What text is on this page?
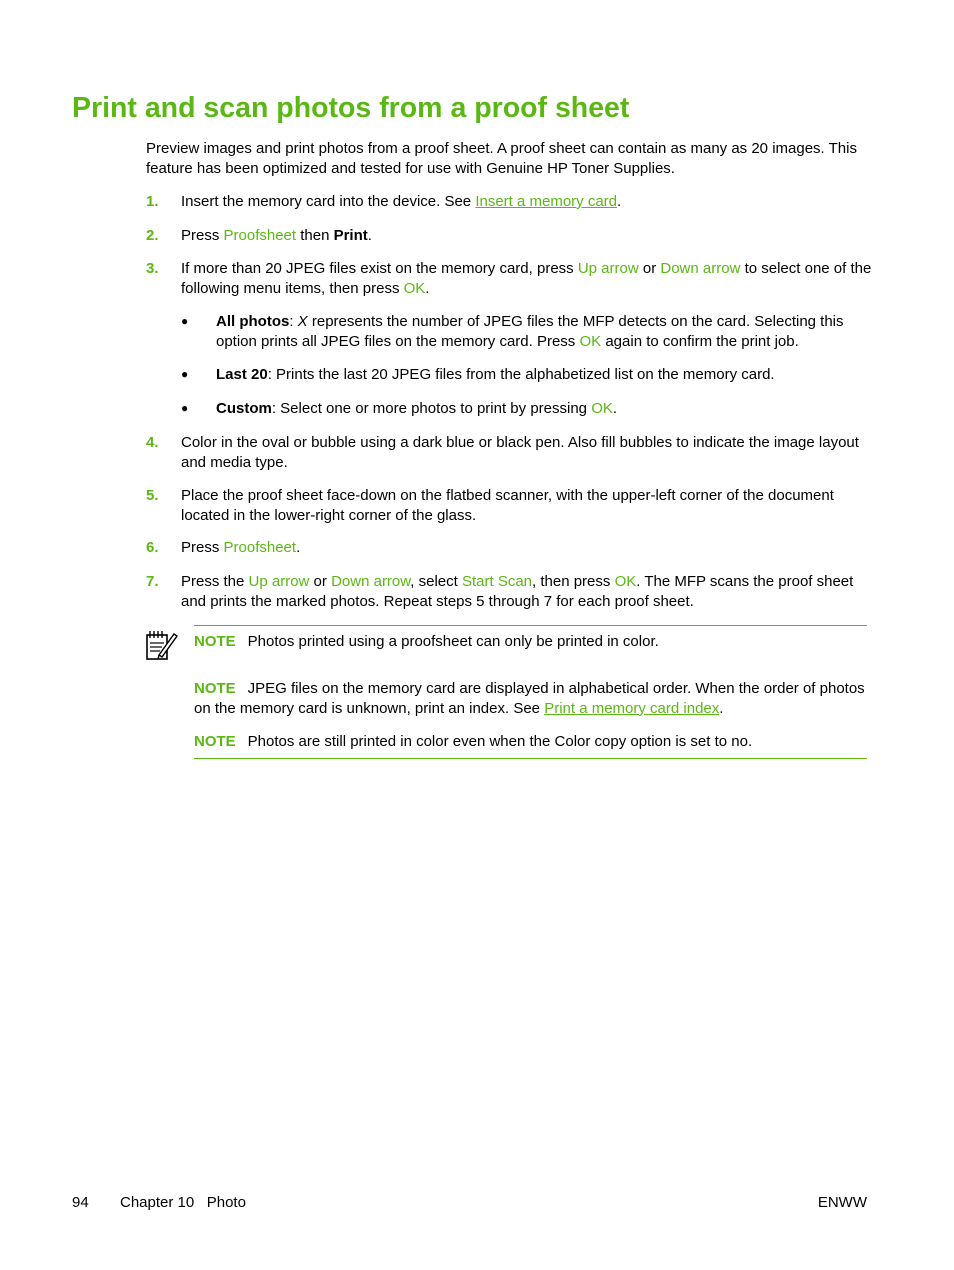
Print and scan photos from a proof sheet

Preview images and print photos from a proof sheet. A proof sheet can contain as many as 20 images. This feature has been optimized and tested for use with Genuine HP Toner Supplies.

1. Insert the memory card into the device. See Insert a memory card.
2. Press Proofsheet then Print.
3. If more than 20 JPEG files exist on the memory card, press Up arrow or Down arrow to select one of the following menu items, then press OK.
● All photos: X represents the number of JPEG files the MFP detects on the card. Selecting this option prints all JPEG files on the memory card. Press OK again to confirm the print job.
● Last 20: Prints the last 20 JPEG files from the alphabetized list on the memory card.
● Custom: Select one or more photos to print by pressing OK.
4. Color in the oval or bubble using a dark blue or black pen. Also fill bubbles to indicate the image layout and media type.
5. Place the proof sheet face-down on the flatbed scanner, with the upper-left corner of the document located in the lower-right corner of the glass.
6. Press Proofsheet.
7. Press the Up arrow or Down arrow, select Start Scan, then press OK. The MFP scans the proof sheet and prints the marked photos. Repeat steps 5 through 7 for each proof sheet.
NOTE Photos printed using a proofsheet can only be printed in color.
NOTE JPEG files on the memory card are displayed in alphabetical order. When the order of photos on the memory card is unknown, print an index. See Print a memory card index.
NOTE Photos are still printed in color even when the Color copy option is set to no.
94 Chapter 10   Photo	ENWW
